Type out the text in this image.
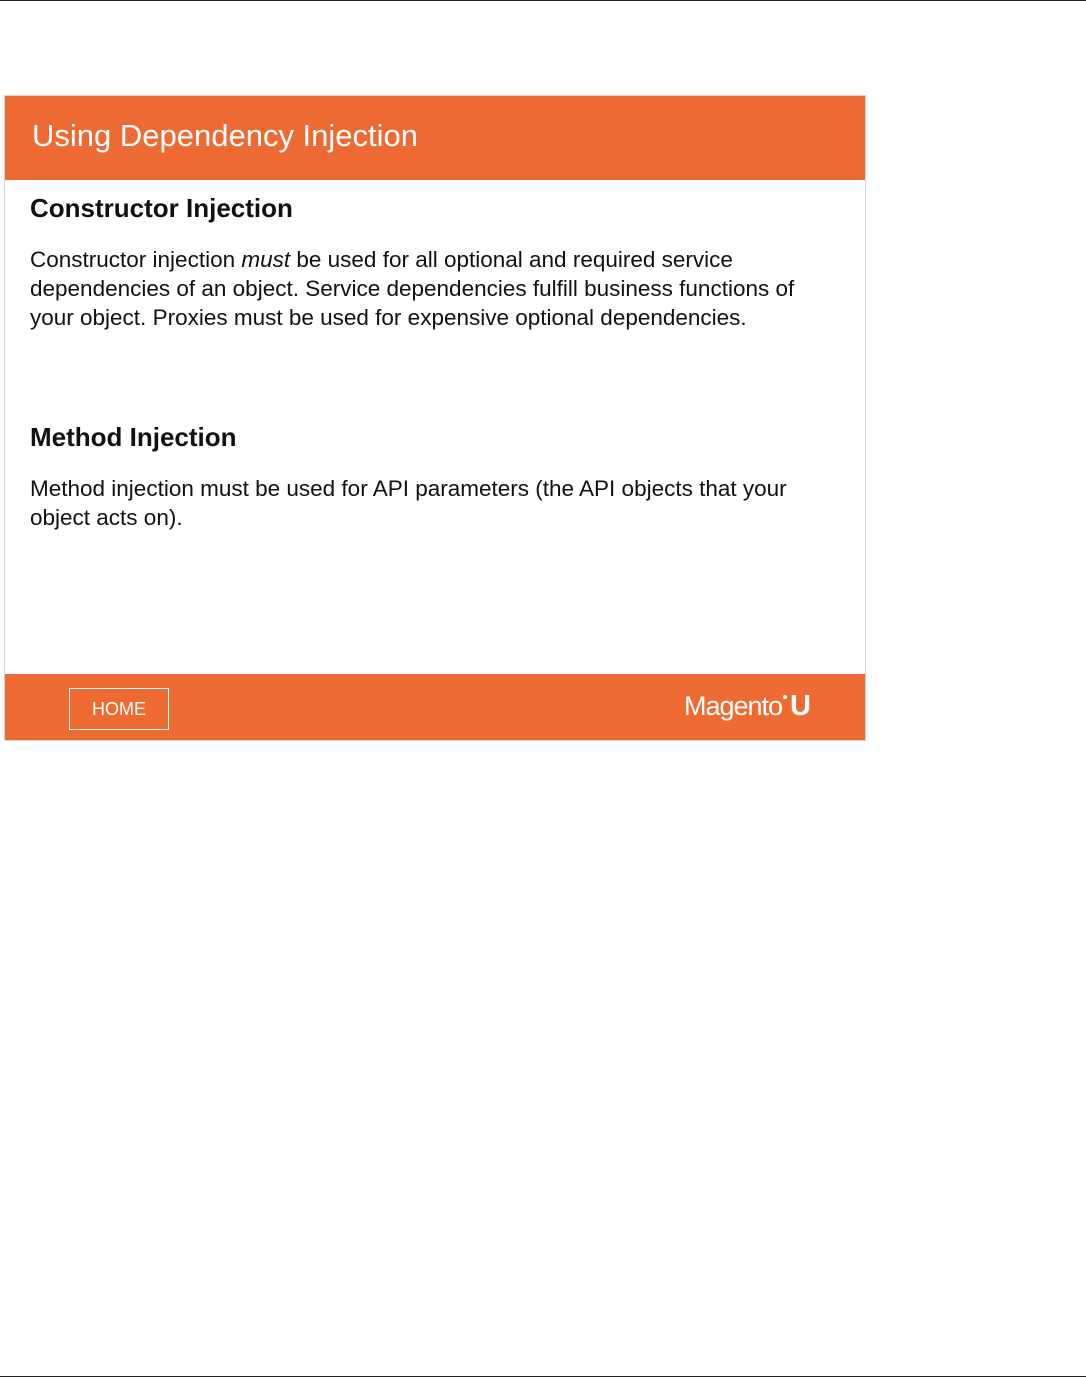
Using Dependency Injection
Constructor Injection

Constructor injection must be used for all optional and required service dependencies of an object. Service dependencies fulfill business functions of your object. Proxies must be used for expensive optional dependencies.

Method Injection

Method injection must be used for API parameters (the API objects that your object acts on).

HOME	Magento U
